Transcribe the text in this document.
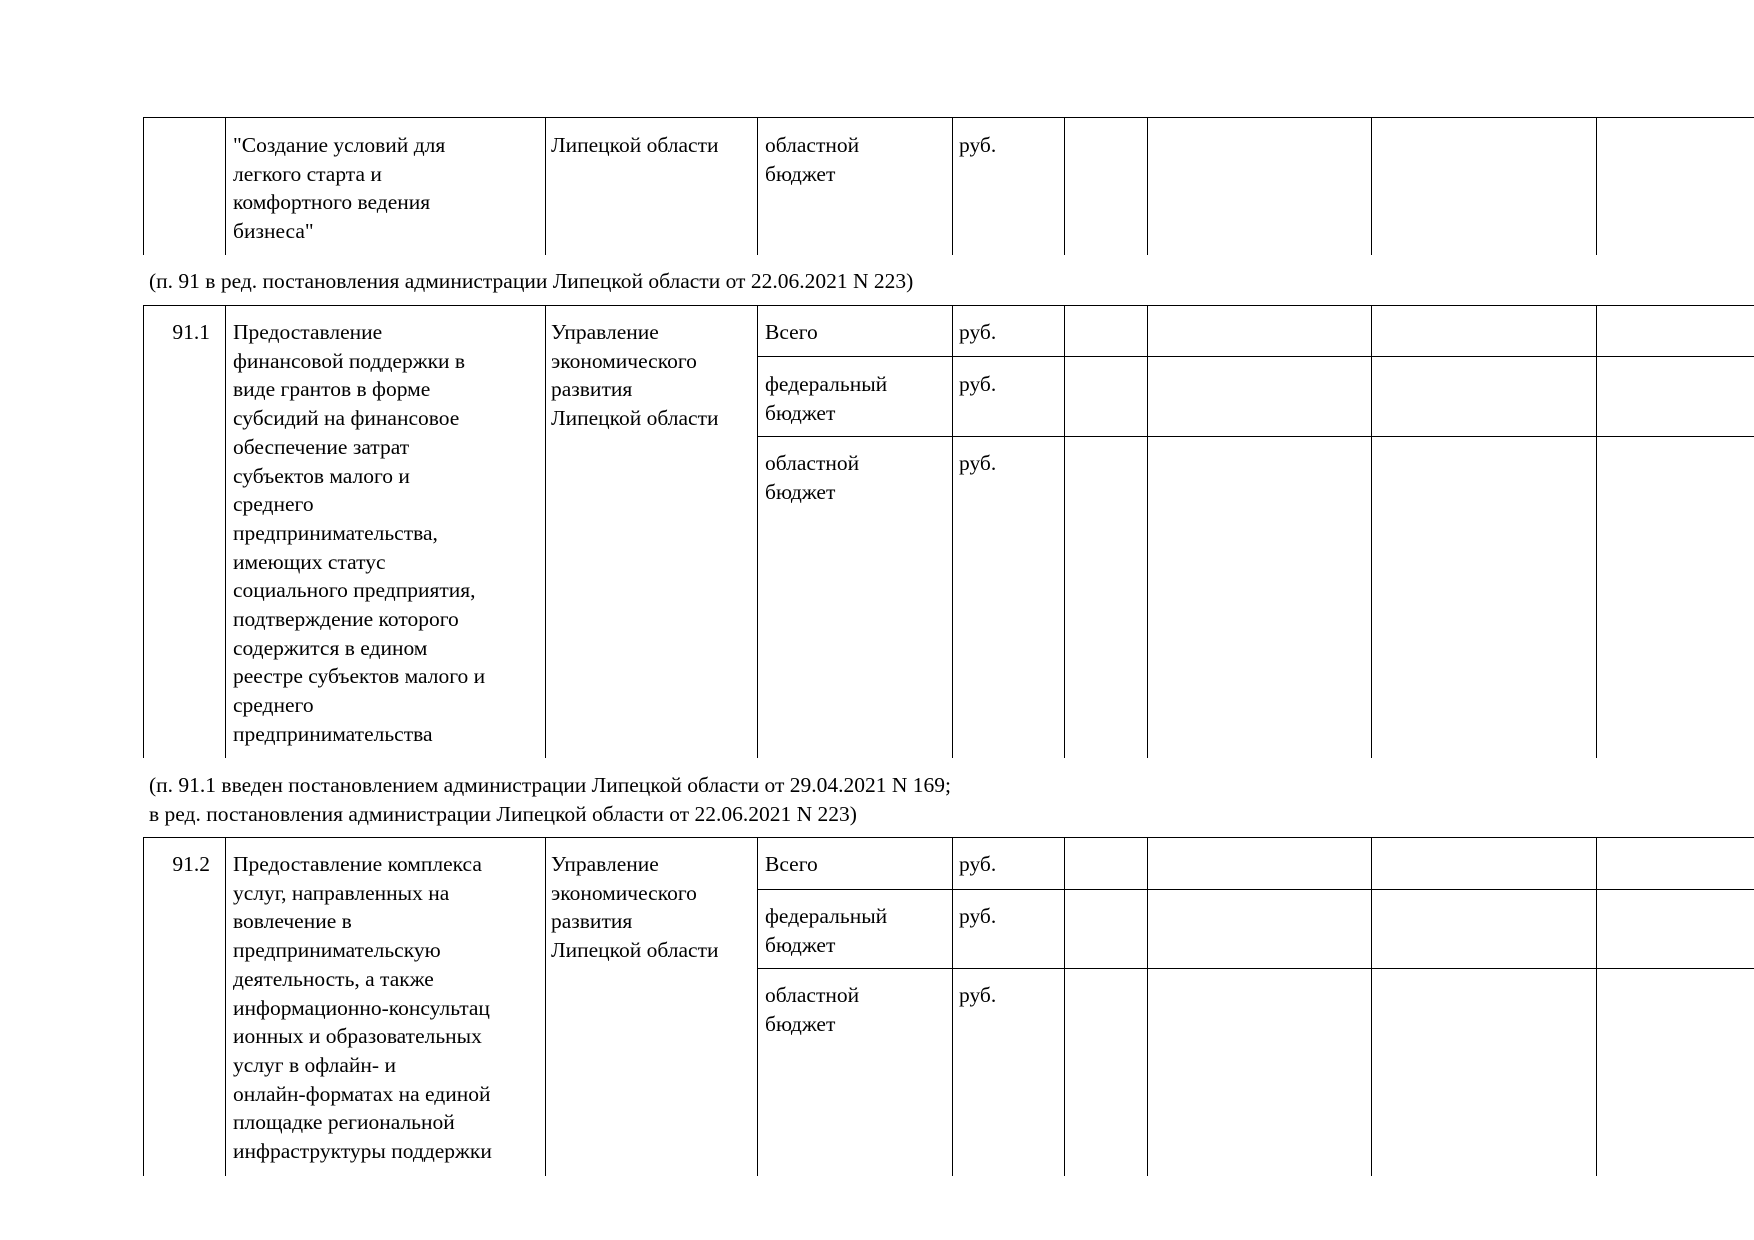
"Создание условий для
легкого старта и
комфортного ведения
бизнеса"
Липецкой области областной
бюджет
руб.
(п. 91 в ред. постановления администрации Липецкой области от 22.06.2021 N 223)
91.1 Предоставление
финансовой поддержки в
виде грантов в форме
субсидий на финансовое
обеспечение затрат
субъектов малого и
среднего
предпринимательства,
имеющих статус
социального предприятия,
подтверждение которого
содержится в едином
реестре субъектов малого и
среднего
предпринимательства
Управление
экономического
развития
Липецкой области
Всего	руб.
федеральный
бюджет
руб.
областной
бюджет
руб.
(п. 91.1 введен постановлением администрации Липецкой области от 29.04.2021 N 169;
в ред. постановления администрации Липецкой области от 22.06.2021 N 223)
91.2 Предоставление комплекса
услуг, направленных на
вовлечение в
предпринимательскую
деятельность, а также
информационно-консультац
ионных и образовательных
услуг в офлайн- и
онлайн-форматах на единой
площадке региональной
инфраструктуры поддержки
Управление
экономического
развития
Липецкой области
Всего	руб.
федеральный
бюджет
руб.
областной
бюджет
руб.
